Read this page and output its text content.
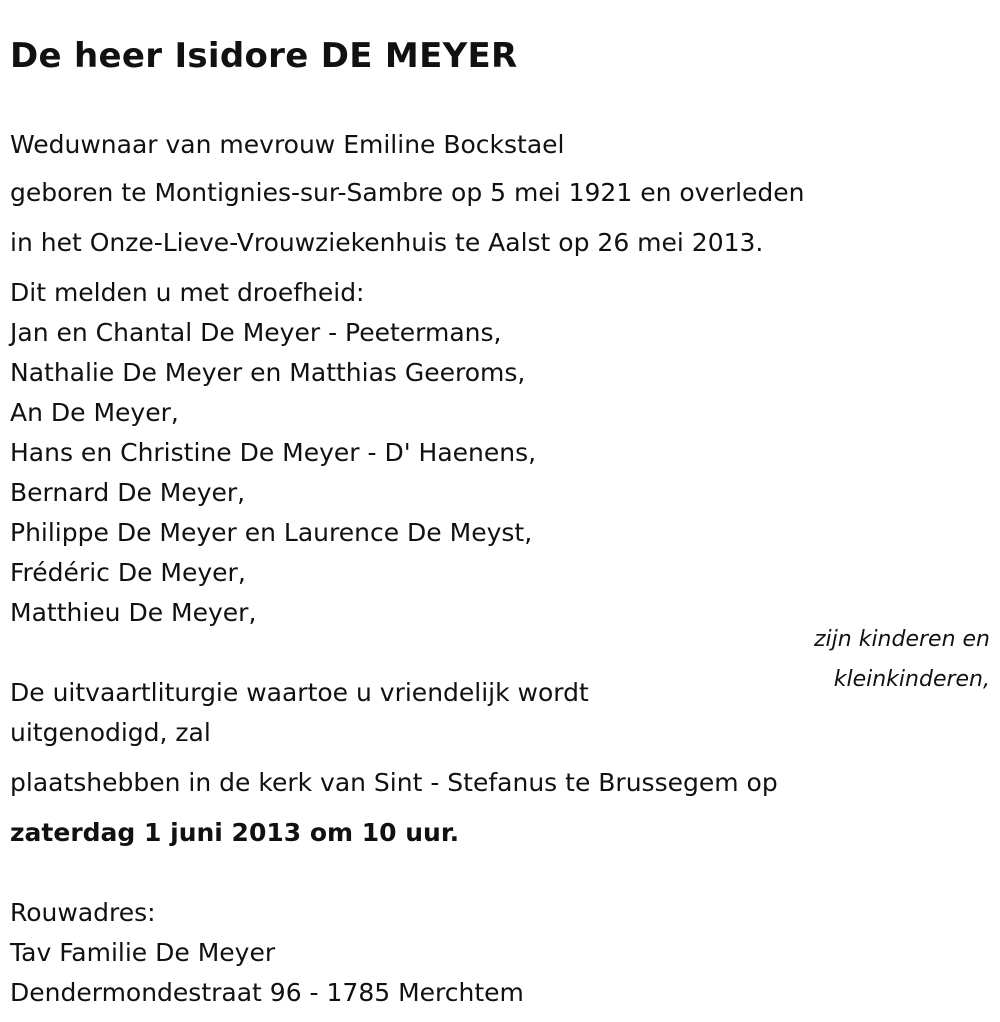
De heer Isidore DE MEYER
Weduwnaar van mevrouw Emiline Bockstael
geboren te Montignies-sur-Sambre op 5 mei 1921 en overleden
in het Onze-Lieve-Vrouwziekenhuis te Aalst op 26 mei 2013.
Dit melden u met droefheid:
Jan en Chantal De Meyer - Peetermans,
Nathalie De Meyer en Matthias Geeroms,
An De Meyer,
Hans en Christine De Meyer - D' Haenens,
Bernard De Meyer,
Philippe De Meyer en Laurence De Meyst,
Frédéric De Meyer,
Matthieu De Meyer,
zijn kinderen en
kleinkinderen,
De uitvaartliturgie waartoe u vriendelijk wordt
uitgenodigd, zal
plaatshebben in de kerk van Sint - Stefanus te Brussegem op
zaterdag 1 juni 2013 om 10 uur.
Rouwadres:
Tav Familie De Meyer
Dendermondestraat 96 - 1785 Merchtem
